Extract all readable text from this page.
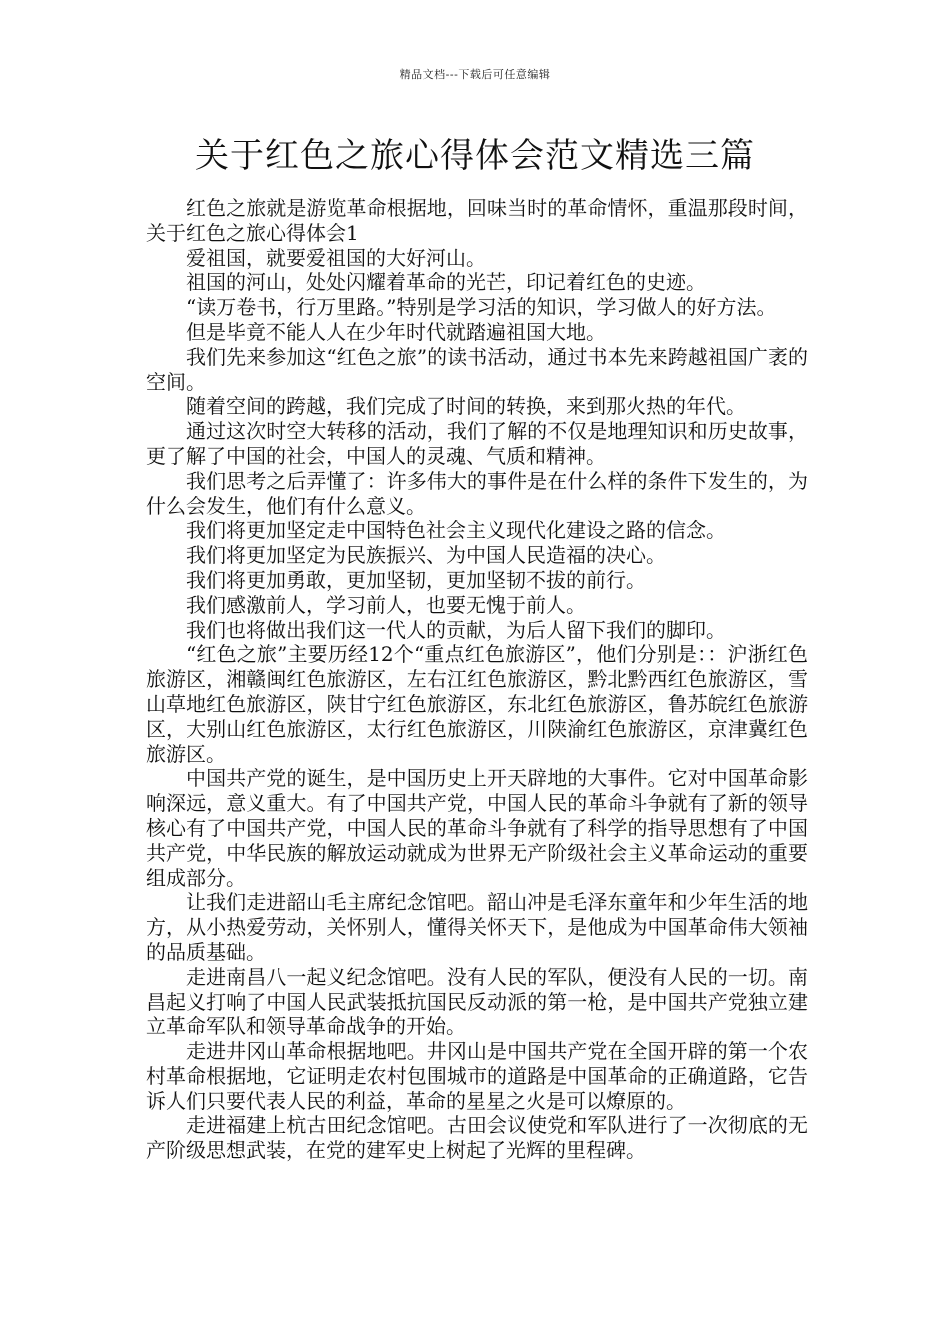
精品文档---下载后可任意编辑
关于红色之旅心得体会范文精选三篇

红色之旅就是游览革命根据地，回味当时的革命情怀，重温那段时间，关于红色之旅心得体会1

爱祖国，就要爱祖国的大好河山。

祖国的河山，处处闪耀着革命的光芒，印记着红色的史迹。

“读万卷书，行万里路。”特别是学习活的知识，学习做人的好方法。

但是毕竟不能人人在少年时代就踏遍祖国大地。

我们先来参加这“红色之旅”的读书活动，通过书本先来跨越祖国广袤的空间。

随着空间的跨越，我们完成了时间的转换，来到那火热的年代。

通过这次时空大转移的活动，我们了解的不仅是地理知识和历史故事，更了解了中国的社会，中国人的灵魂、气质和精神。

我们思考之后弄懂了：许多伟大的事件是在什么样的条件下发生的，为什么会发生，他们有什么意义。

我们将更加坚定走中国特色社会主义现代化建设之路的信念。

我们将更加坚定为民族振兴、为中国人民造福的决心。

我们将更加勇敢，更加坚韧，更加坚韧不拔的前行。

我们感激前人，学习前人，也要无愧于前人。

我们也将做出我们这一代人的贡献，为后人留下我们的脚印。

“红色之旅”主要历经12个“重点红色旅游区”，他们分别是：：沪浙红色旅游区，湘赣闽红色旅游区，左右江红色旅游区，黔北黔西红色旅游区，雪山草地红色旅游区，陕甘宁红色旅游区，东北红色旅游区，鲁苏皖红色旅游区，大别山红色旅游区，太行红色旅游区，川陕渝红色旅游区，京津冀红色旅游区。

中国共产党的诞生，是中国历史上开天辟地的大事件。它对中国革命影响深远，意义重大。有了中国共产党，中国人民的革命斗争就有了新的领导核心有了中国共产党，中国人民的革命斗争就有了科学的指导思想有了中国共产党，中华民族的解放运动就成为世界无产阶级社会主义革命运动的重要组成部分。

让我们走进韶山毛主席纪念馆吧。韶山冲是毛泽东童年和少年生活的地方，从小热爱劳动，关怀别人，懂得关怀天下，是他成为中国革命伟大领袖的品质基础。

走进南昌八一起义纪念馆吧。没有人民的军队，便没有人民的一切。南昌起义打响了中国人民武装抵抗国民反动派的第一枪，是中国共产党独立建立革命军队和领导革命战争的开始。

走进井冈山革命根据地吧。井冈山是中国共产党在全国开辟的第一个农村革命根据地，它证明走农村包围城市的道路是中国革命的正确道路，它告诉人们只要代表人民的利益，革命的星星之火是可以燎原的。

走进福建上杭古田纪念馆吧。古田会议使党和军队进行了一次彻底的无产阶级思想武装，在党的建军史上树起了光辉的里程碑。
